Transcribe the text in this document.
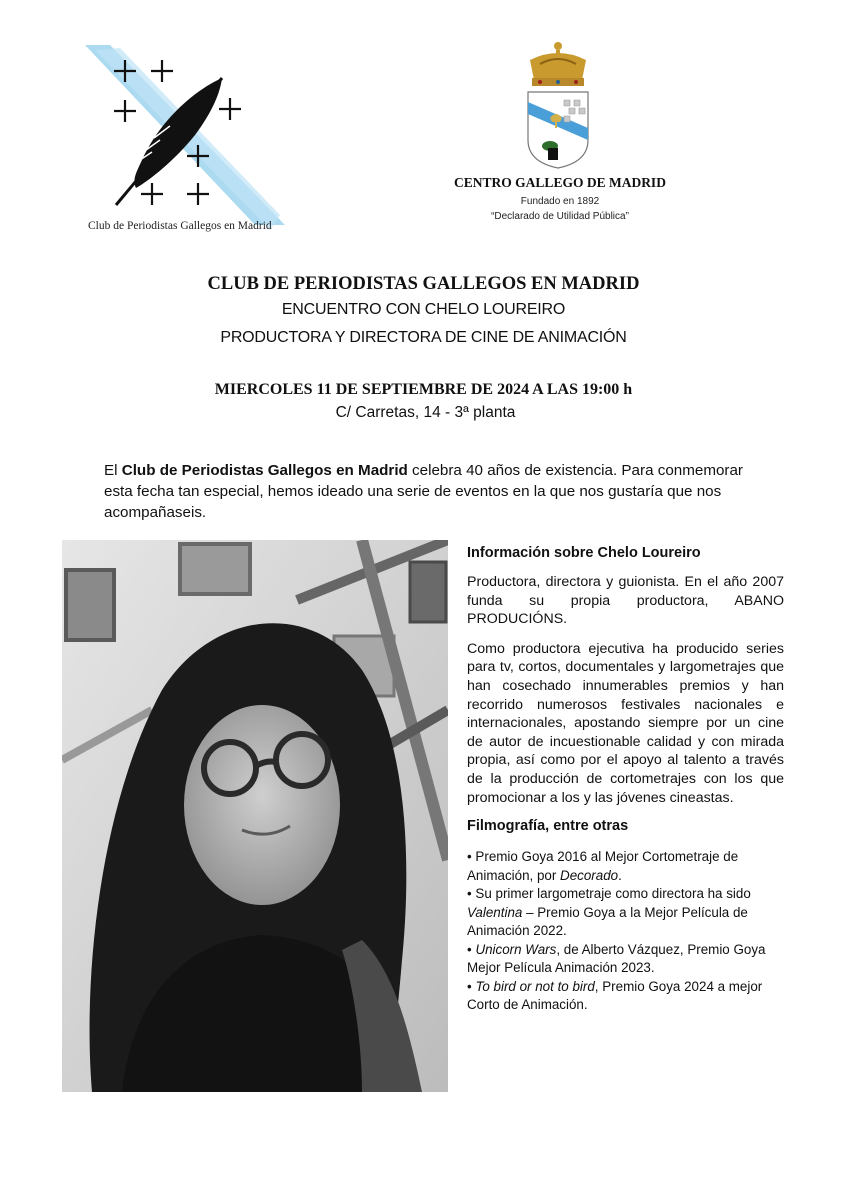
Club de Periodistas Gallegos en Madrid
CENTRO GALLEGO DE MADRID
Fundado en 1892
“Declarado de Utilidad Pública”
CLUB DE PERIODISTAS GALLEGOS EN MADRID
ENCUENTRO CON CHELO LOUREIRO
PRODUCTORA Y DIRECTORA DE CINE DE ANIMACIÓN
MIERCOLES 11 DE SEPTIEMBRE DE 2024 A LAS 19:00 h
C/ Carretas, 14 - 3ª planta
El Club de Periodistas Gallegos en Madrid celebra 40 años de existencia. Para conmemorar esta fecha tan especial, hemos ideado una serie de eventos en la que nos gustaría que nos acompañaseis.
Información sobre Chelo Loureiro

Productora, directora y guionista. En el año 2007 funda su propia productora, ABANO PRODUCIÓNS.

Como productora ejecutiva ha producido series para tv, cortos, documentales y largometrajes que han cosechado innumerables premios y han recorrido numerosos festivales nacionales e internacionales, apostando siempre por un cine de autor de incuestionable calidad y con mirada propia, así como por el apoyo al talento a través de la producción de cortometrajes con los que promocionar a los y las jóvenes cineastas.

Filmografía, entre otras

• Premio Goya 2016 al Mejor Cortometraje de Animación, por Decorado.

• Su primer largometraje como directora ha sido Valentina – Premio Goya a la Mejor Película de Animación 2022.

• Unicorn Wars, de Alberto Vázquez, Premio Goya Mejor Película Animación 2023.

• To bird or not to bird, Premio Goya 2024 a mejor Corto de Animación.
